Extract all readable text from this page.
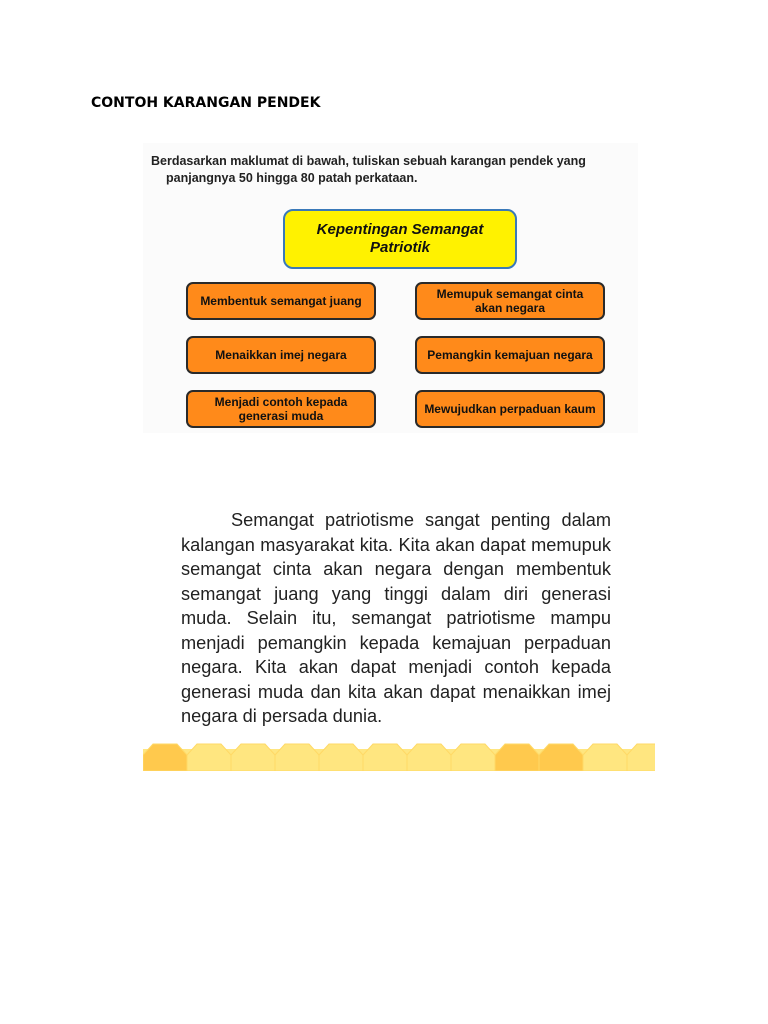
CONTOH KARANGAN PENDEK
Berdasarkan maklumat di bawah, tuliskan sebuah karangan pendek yang
panjangnya 50 hingga 80 patah perkataan.
Kepentingan Semangat Patriotik
Membentuk semangat juang	Memupuk semangat cinta akan negara
Menaikkan imej negara	Pemangkin kemajuan negara
Menjadi contoh kepada generasi muda	Mewujudkan perpaduan kaum

Semangat patriotisme sangat penting dalam kalangan masyarakat kita. Kita akan dapat memupuk semangat cinta akan negara dengan membentuk semangat juang yang tinggi dalam diri generasi muda. Selain itu, semangat patriotisme mampu menjadi pemangkin kepada kemajuan perpaduan negara. Kita akan dapat menjadi contoh kepada generasi muda dan kita akan dapat menaikkan imej negara di persada dunia.
